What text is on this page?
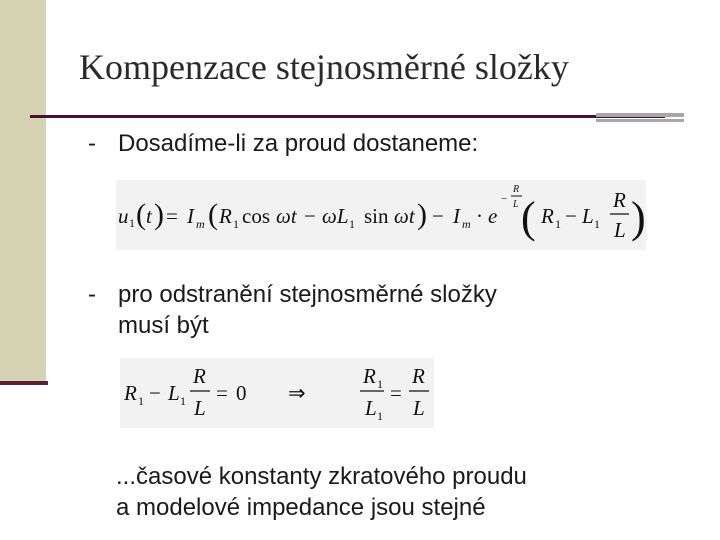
Kompenzace stejnosměrné složky
- Dosadíme-li za proud dostaneme:
u 1 ( t ) = I m ( R 1 cos ωt − ωL 1 sin ωt ) − I m · e
−
R
L ( R 1 − L 1
R
L )
- pro odstranění stejnosměrné složky
musí být
R 1 − L 1
R
L
= 0 ⇒
R 1
L 1
=
R
L
...časové konstanty zkratového proudu
a modelové impedance jsou stejné
